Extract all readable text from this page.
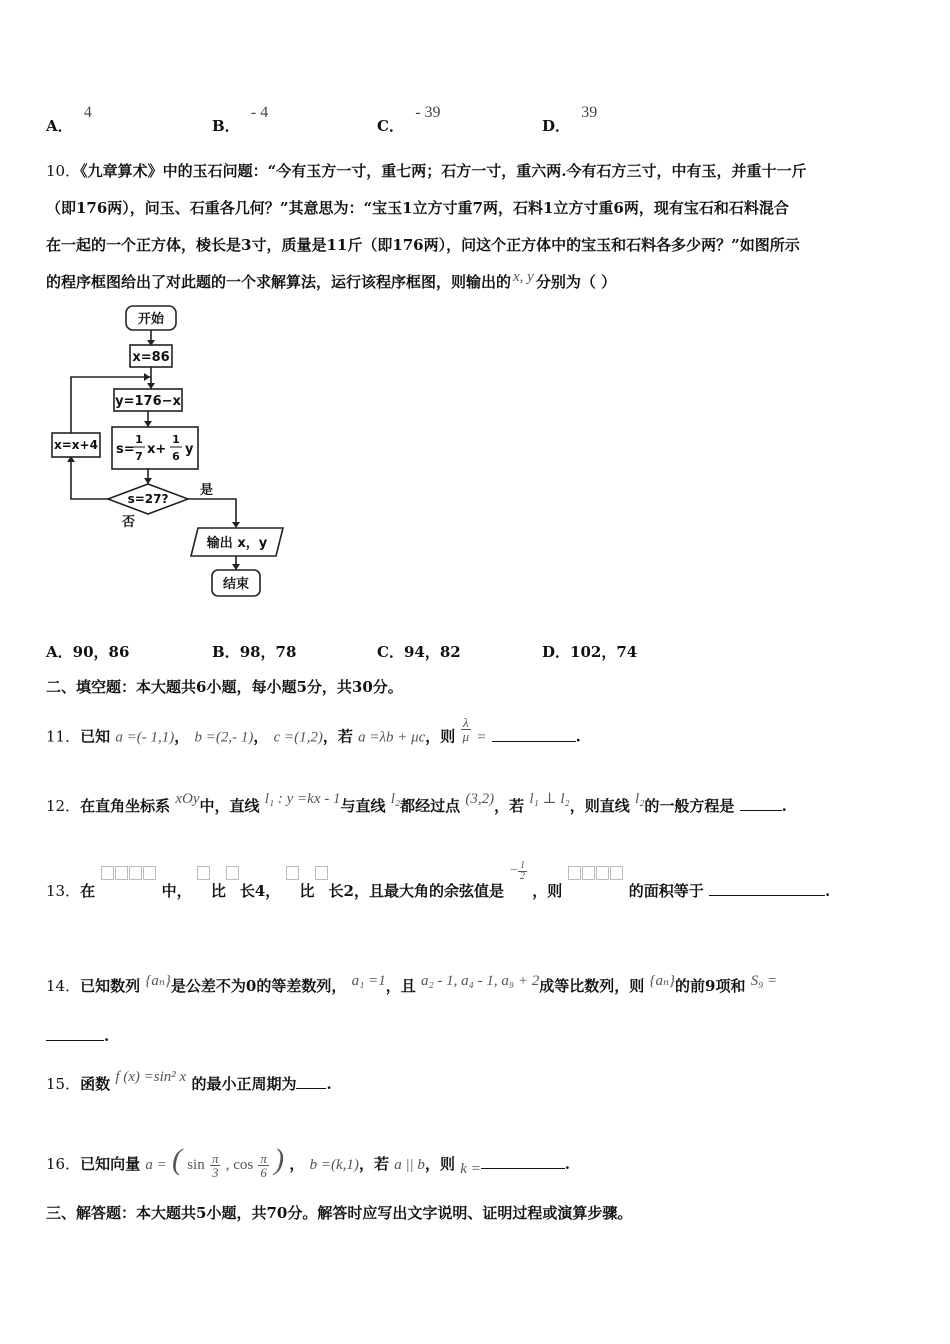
A． 4
B． - 4
C． - 39
D． 39
10．《九章算术》中的玉石问题：“今有玉方一寸，重七两；石方一寸，重六两.今有石方三寸，中有玉，并重十一斤
（即176两），问玉、石重各几何？”其意思为：“宝玉1立方寸重7两，石料1立方寸重6两，现有宝石和石料混合
在一起的一个正方体，棱长是3寸，质量是11斤（即176两），问这个正方体中的宝玉和石料各多少两？”如图所示
的程序框图给出了对此题的一个求解算法，运行该程序框图，则输出的 x, y 分别为（ ）
开始
x=86
y=176−x
s=
1
7 x+
1
6 y
x=x+4
s=27?
是
否
输出 x，y
结束
A．90，86	B．98，78	C．94，82	D．102，74
二、填空题：本大题共6小题，每小题5分，共30分。
11．已知 a =(- 1,1)， b =(2,- 1)， c =(1,2)，若 a =λb + μc，则 $\frac{\lambda}{\mu}$ =	.
12．在直角坐标系 xOy中，直线 l₁ : y =kx - 1与直线 l₂都经过点 (3,2)，若 l₁ ⊥ l₂，则直线 l₂的一般方程是	.
13．在	中， 比 长4， 比 长2，且最大角的余弦值是 − $\frac{1}{2}$
，则	的面积等于	.
14．已知数列 {aₙ}是公差不为0的等差数列， a₁ =1，且 a₂ - 1, a₄ - 1, a₉ + 2成等比数列，则 {aₙ}的前9项和 S₉ =
.
15．函数 f (x) =sin² x 的最小正周期为 .
16．已知向量 a = ( $\sin \frac{\pi}{3}$ , $\cos \frac{\pi}{6}$ ) ， b =(k,1)，若 a || b，则 k =	.
三、解答题：本大题共5小题，共70分。解答时应写出文字说明、证明过程或演算步骤。
